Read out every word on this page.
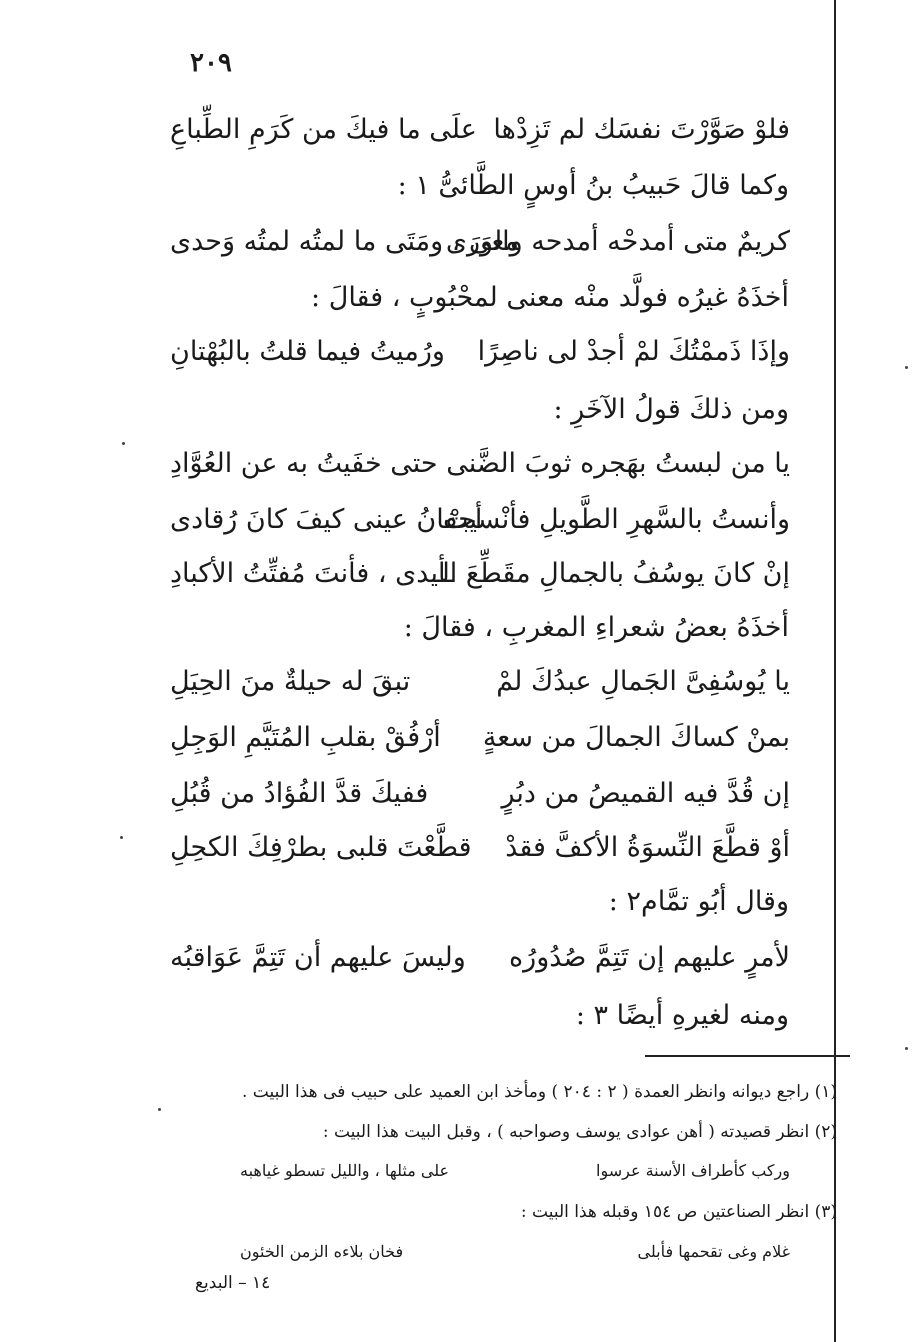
٢٠٩
فلوْ صَوَّرْتَ نفسَك لم تَزِدْها
علَى ما فيكَ من كَرَمِ الطِّباعِ
وكما قالَ حَبيبُ بنُ أوسٍ الطَّائىُّ ١ :
كريمٌ متى أمدحْه أمدحه والوَرَى
معى ، ومَتَى ما لمتُه لمتُه وَحدى
أخذَهُ غيرُه فولَّد منْه معنى لمحْبُوبٍ ، فقالَ :
وإذَا ذَممْتُكَ لمْ أجدْ لى ناصِرًا
ورُميتُ فيما قلتُ بالبُهْتانِ
ومن ذلكَ قولُ الآخَرِ :
يا من لبستُ بهَجره ثوبَ الضَّنى
حتى خفَيتُ به عن العُوَّادِ
وأنستُ بالسَّهرِ الطَّويلِ فأنْسيتْ
أجفانُ عينى كيفَ كانَ رُقادى
إنْ كانَ يوسُفُ بالجمالِ مقَطِّعَ الـ
ـأيدى ، فأنتَ مُفتِّتُ الأكبادِ
أخذَهُ بعضُ شعراءِ المغربِ ، فقالَ :
يا يُوسُفِىَّ الجَمالِ عبدُكَ لمْ
تبقَ له حيلةٌ منَ الحِيَلِ
بمنْ كساكَ الجمالَ من سعةٍ
أرْفُقْ بقلبِ المُتَيَّمِ الوَجِلِ
إن قُدَّ فيه القميصُ من دبُرٍ
ففيكَ قدَّ الفُؤادُ من قُبُلِ
أوْ قطَّعَ النِّسوَةُ الأكفَّ فقدْ
قطَّعْتَ قلبى بطرْفِكَ الكحِلِ
وقال أبُو تمَّام٢ :
لأمرٍ عليهم إن تَتِمَّ صُدُورُه
وليسَ عليهم أن تَتِمَّ عَوَاقبُه
ومنه لغيرهِ أيضًا ٣ :
(١) راجع ديوانه وانظر العمدة ( ٢ : ٢٠٤ ) ومأخذ ابن العميد على حبيب فى هذا البيت .
(٢) انظر قصيدته ( أهن عوادى يوسف وصواحبه ) ، وقبل البيت هذا البيت :
وركب كأطراف الأسنة عرسوا
على مثلها ، والليل تسطو غياهبه
(٣) انظر الصناعتين ص ١٥٤ وقبله هذا البيت :
غلام وغى تقحمها فأبلى
فخان بلاءه الزمن الخئون
١٤ – البديع
